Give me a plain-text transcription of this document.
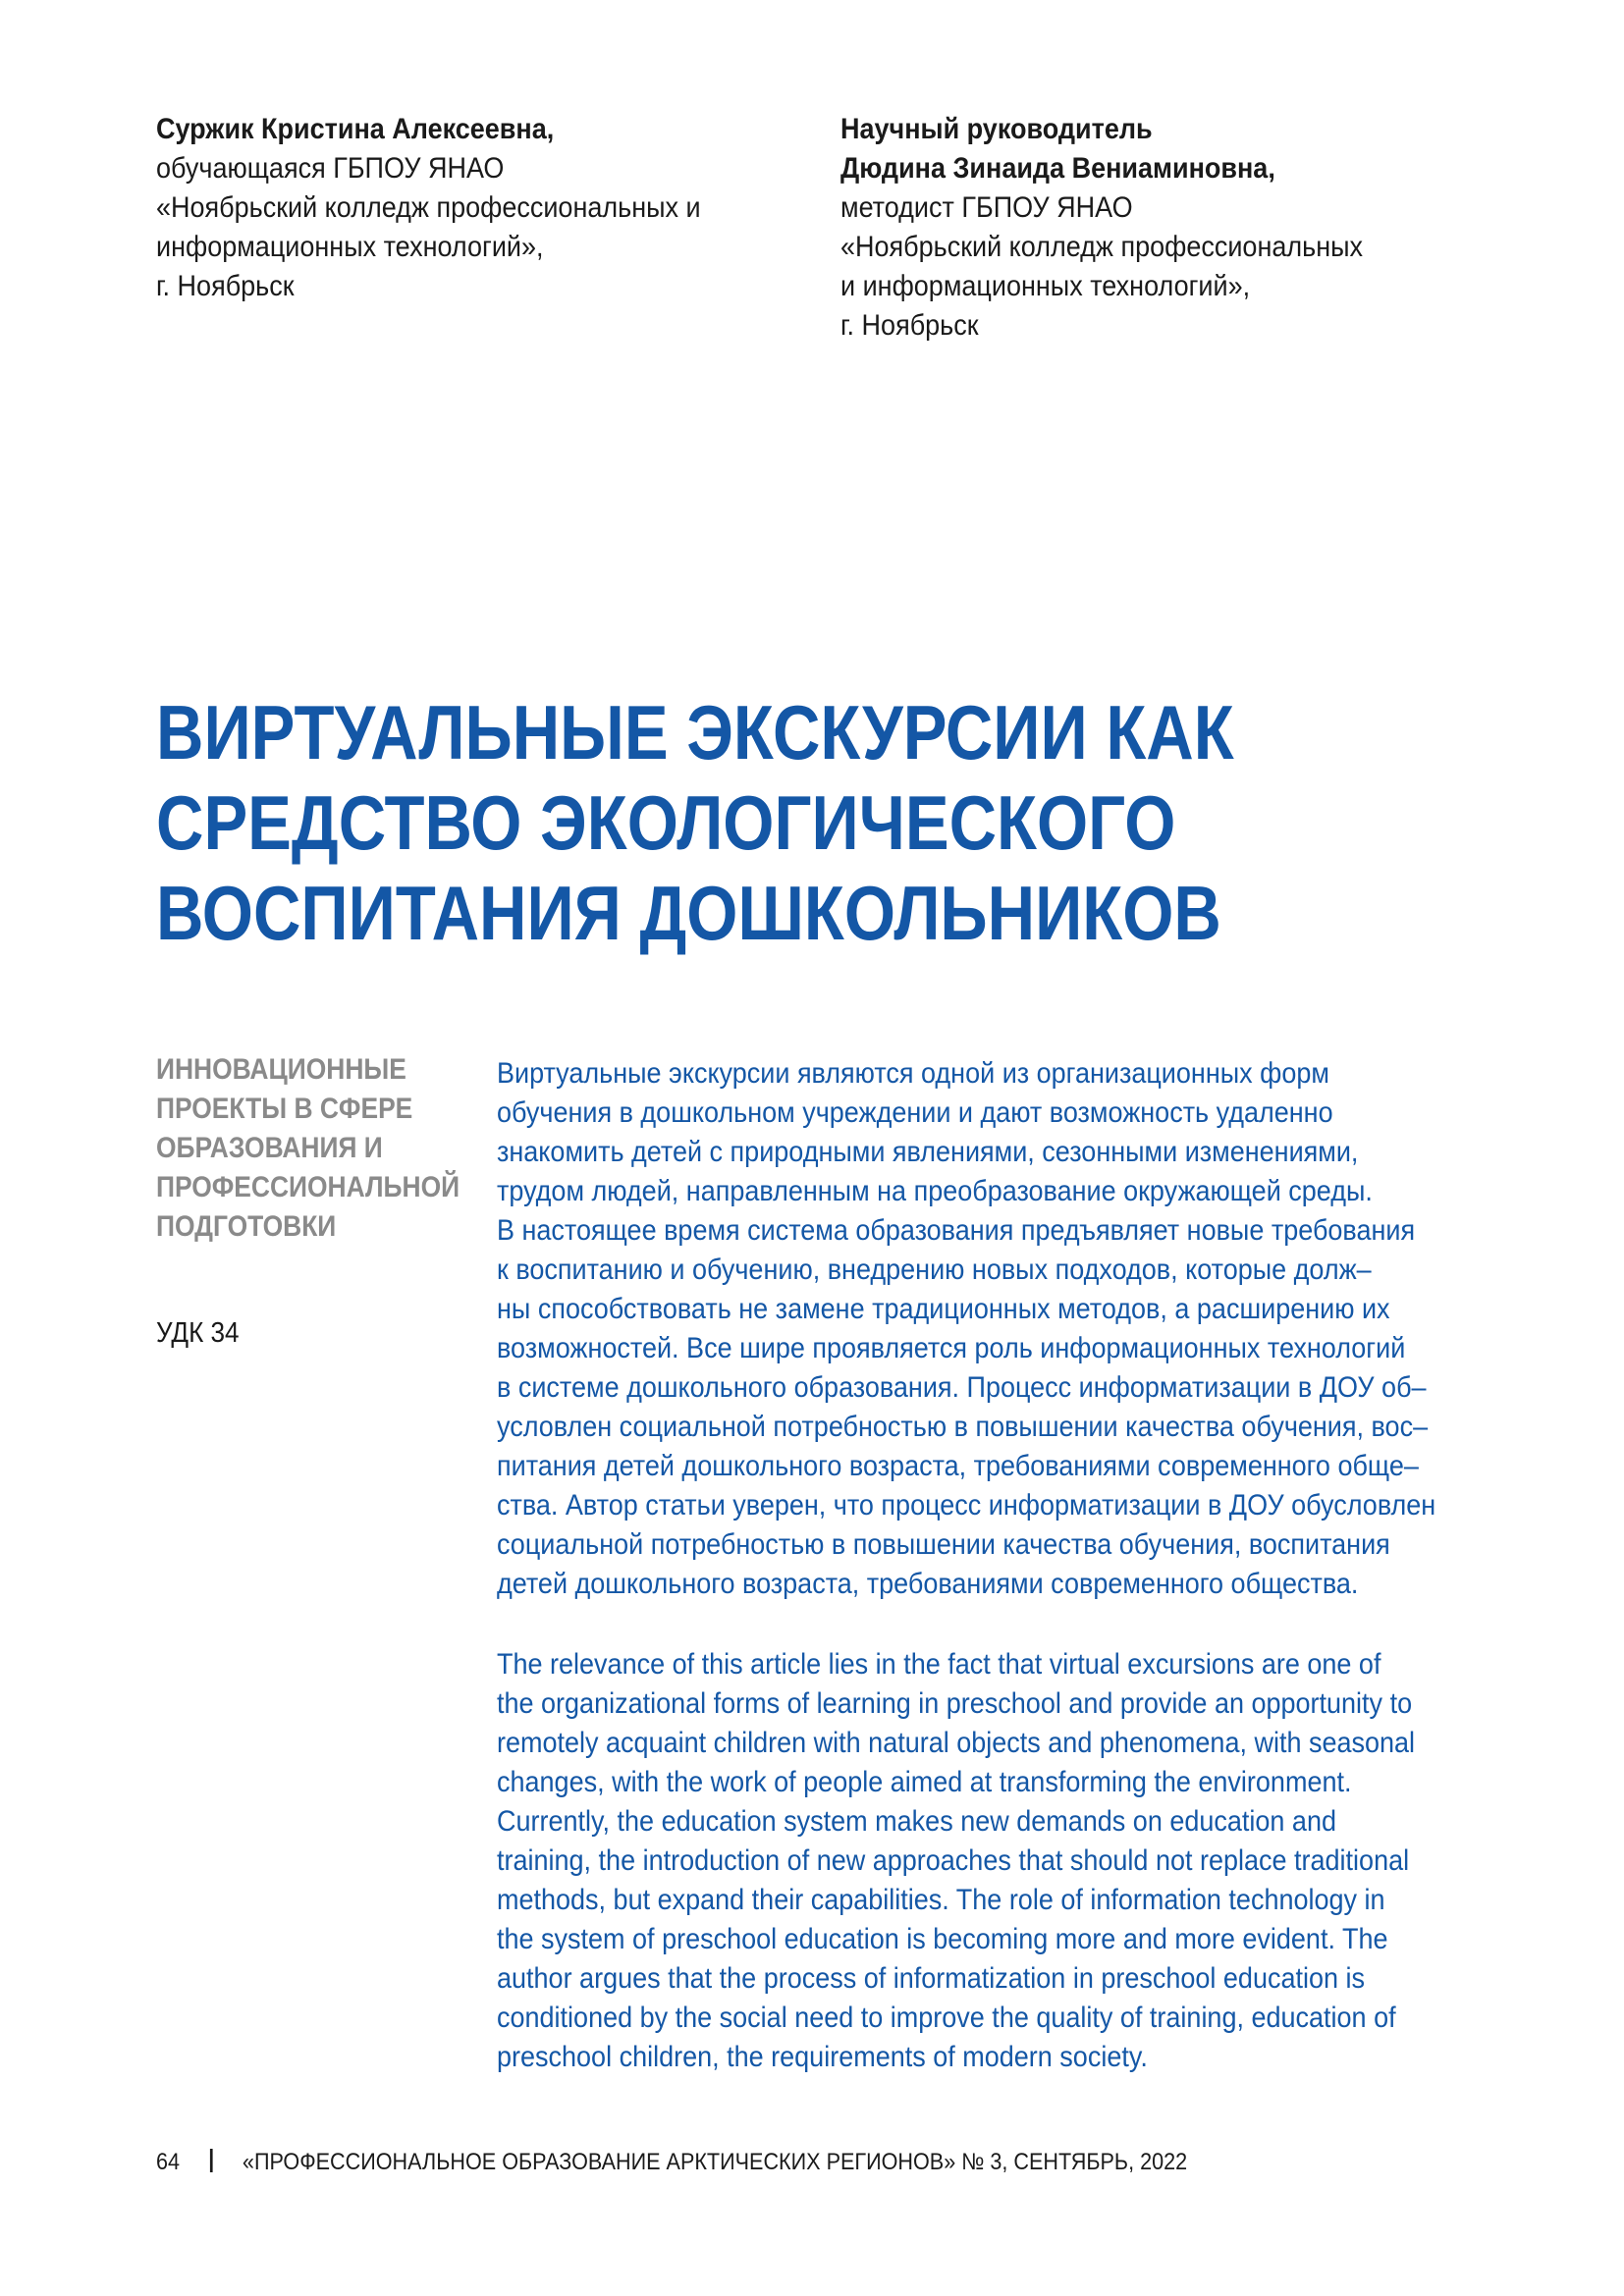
Суржик Кристина Алексеевна,
обучающаяся ГБПОУ ЯНАО
«Ноябрьский колледж профессиональных и
информационных технологий»,
г. Ноябрьск
Научный руководитель
Дюдина Зинаида Вениаминовна,
методист ГБПОУ ЯНАО
«Ноябрьский колледж профессиональных
и информационных технологий»,
г. Ноябрьск
ВИРТУАЛЬНЫЕ ЭКСКУРСИИ КАК
СРЕДСТВО ЭКОЛОГИЧЕСКОГО
ВОСПИТАНИЯ ДОШКОЛЬНИКОВ
ИННОВАЦИОННЫЕ
ПРОЕКТЫ В СФЕРЕ
ОБРАЗОВАНИЯ И
ПРОФЕССИОНАЛЬНОЙ
ПОДГОТОВКИ
УДК 34
Виртуальные экскурсии являются одной из организационных форм
обучения в дошкольном учреждении и дают возможность удаленно
знакомить детей с природными явлениями, сезонными изменениями,
трудом людей, направленным на преобразование окружающей среды.
В настоящее время система образования предъявляет новые требования
к воспитанию и обучению, внедрению новых подходов, которые долж–
ны способствовать не замене традиционных методов, а расширению их
возможностей. Все шире проявляется роль информационных технологий
в системе дошкольного образования. Процесс информатизации в ДОУ об–
условлен социальной потребностью в повышении качества обучения, вос–
питания детей дошкольного возраста, требованиями современного обще–
ства. Автор статьи уверен, что процесс информатизации в ДОУ обусловлен
социальной потребностью в повышении качества обучения, воспитания
детей дошкольного возраста, требованиями современного общества.
The relevance of this article lies in the fact that virtual excursions are one of
the organizational forms of learning in preschool and provide an opportunity to
remotely acquaint children with natural objects and phenomena, with seasonal
changes, with the work of people aimed at transforming the environment.
Currently, the education system makes new demands on education and
training, the introduction of new approaches that should not replace traditional
methods, but expand their capabilities. The role of information technology in
the system of preschool education is becoming more and more evident. The
author argues that the process of informatization in preschool education is
conditioned by the social need to improve the quality of training, education of
preschool children, the requirements of modern society.
64	«ПРОФЕССИОНАЛЬНОЕ ОБРАЗОВАНИЕ АРКТИЧЕСКИХ РЕГИОНОВ» № 3, СЕНТЯБРЬ, 2022
